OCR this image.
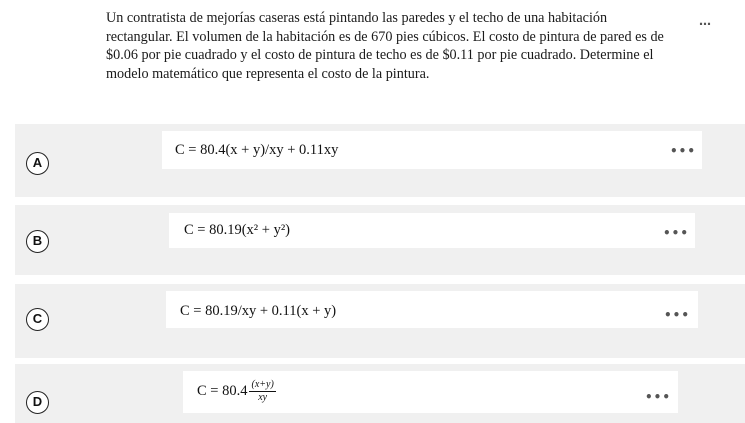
Un contratista de mejorías caseras está pintando las paredes y el techo de una habitación
rectangular. El volumen de la habitación es de 670 pies cúbicos. El costo de pintura de pared es de
$0.06 por pie cuadrado y el costo de pintura de techo es de $0.11 por pie cuadrado. Determine el
modelo matemático que representa el costo de la pintura.
⋯
A
C = 80.4(x + y)/xy + 0.11xy	•••
B
C = 80.19(x² + y²)	•••
C	C = 80.19/xy + 0.11(x + y)	•••
D
$C = 80.4 \frac{(x+y)}{xy}$	•••
